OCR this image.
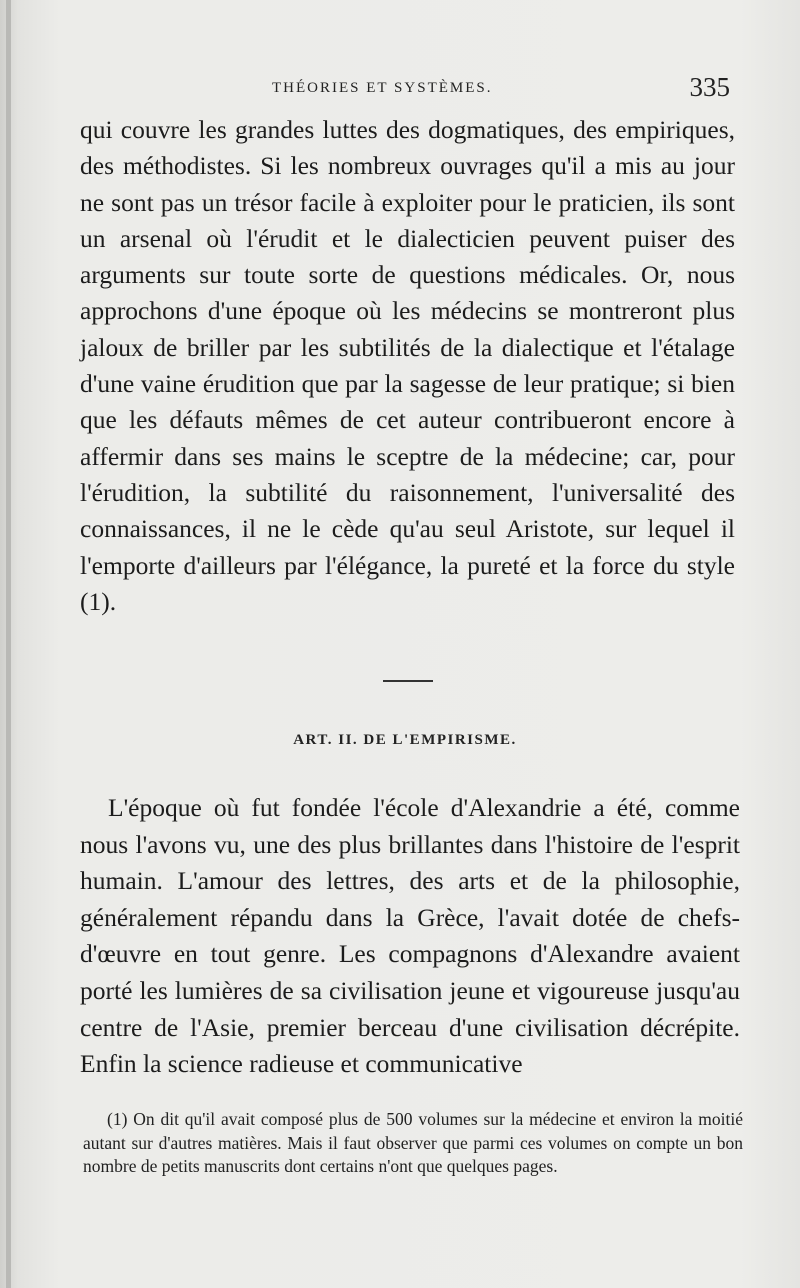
THÉORIES ET SYSTÈMES.	335

qui couvre les grandes luttes des dogmatiques, des empiriques, des méthodistes. Si les nombreux ouvrages qu'il a mis au jour ne sont pas un trésor facile à exploiter pour le praticien, ils sont un arsenal où l'érudit et le dialecticien peuvent puiser des arguments sur toute sorte de questions médicales. Or, nous approchons d'une époque où les médecins se montreront plus jaloux de briller par les subtilités de la dialectique et l'étalage d'une vaine érudition que par la sagesse de leur pratique; si bien que les défauts mêmes de cet auteur contribueront encore à affermir dans ses mains le sceptre de la médecine; car, pour l'érudition, la subtilité du raisonnement, l'universalité des connaissances, il ne le cède qu'au seul Aristote, sur lequel il l'emporte d'ailleurs par l'élégance, la pureté et la force du style (1).

ART. II. DE L'EMPIRISME.

L'époque où fut fondée l'école d'Alexandrie a été, comme nous l'avons vu, une des plus brillantes dans l'histoire de l'esprit humain. L'amour des lettres, des arts et de la philosophie, généralement répandu dans la Grèce, l'avait dotée de chefs-d'œuvre en tout genre. Les compagnons d'Alexandre avaient porté les lumières de sa civilisation jeune et vigoureuse jusqu'au centre de l'Asie, premier berceau d'une civilisation décrépite. Enfin la science radieuse et communicative

(1) On dit qu'il avait composé plus de 500 volumes sur la médecine et environ la moitié autant sur d'autres matières. Mais il faut observer que parmi ces volumes on compte un bon nombre de petits manuscrits dont certains n'ont que quelques pages.
